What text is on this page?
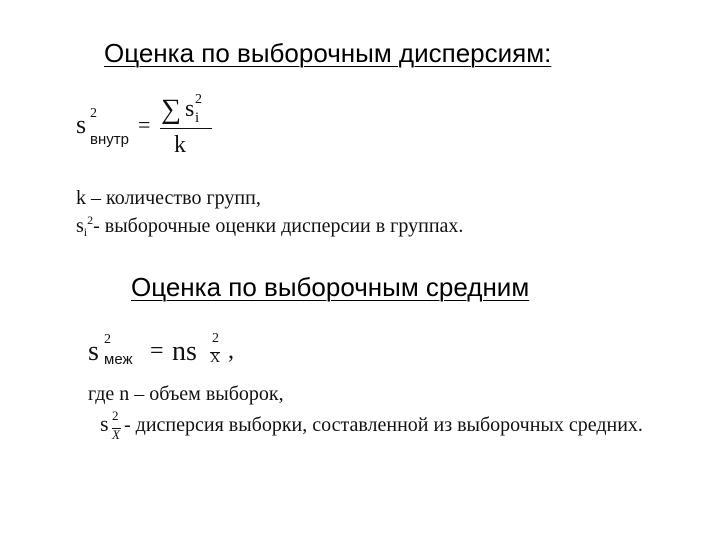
Оценка по выборочным дисперсиям:
s 2
внутр
= ∑ s 2
i
k
k – количество групп,
$s_i^2-$ выборочные оценки дисперсии в группах.
Оценка по выборочным средним
s 2
меж = ns 2
X ,
где n – объем выборок,
s 2
X - дисперсия выборки, составленной из выборочных средних.
